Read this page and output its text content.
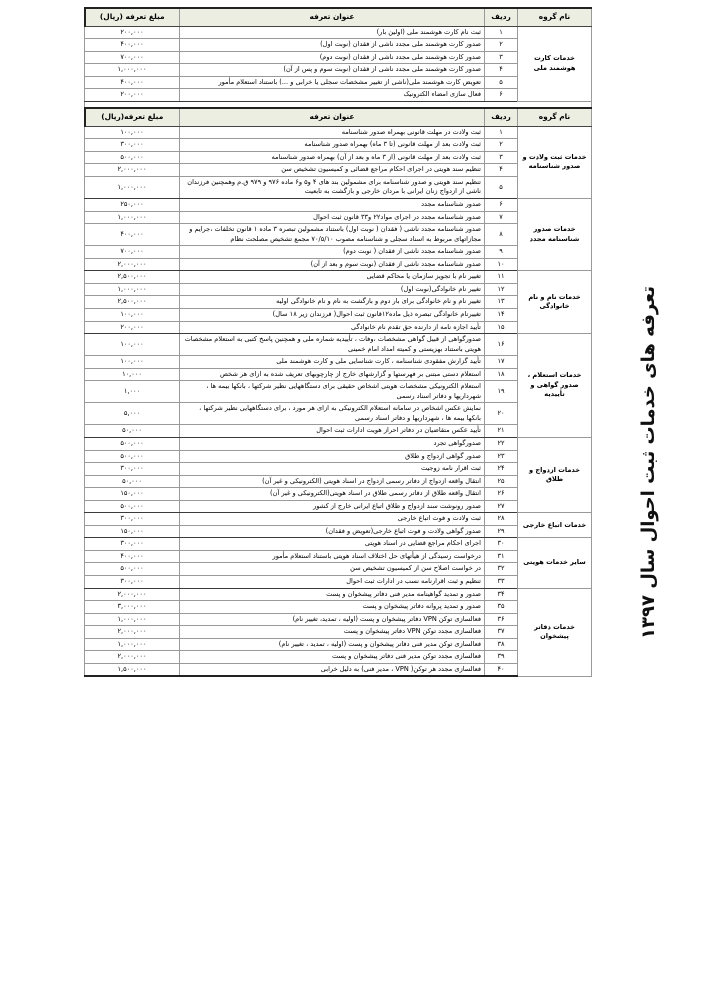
تعرفه های خدمات ثبت احوال سال ۱۳۹۷
نام گروه	ردیف	عنوان تعرفه	مبلغ تعرفه (ریال)
خدمات کارت هوشمند ملی	۱	ثبت نام کارت هوشمند ملی (اولین بار)	۲۰۰,۰۰۰
	۲	صدور کارت هوشمند ملی مجدد ناشی از فقدان (نوبت اول)	۴۰۰,۰۰۰
	۳	صدور کارت هوشمند ملی مجدد ناشی از فقدان (نوبت دوم)	۷۰۰,۰۰۰
	۴	صدور کارت هوشمند ملی مجدد ناشی از فقدان (نوبت سوم و پس از آن)	۱,۰۰۰,۰۰۰
	۵	تعویض کارت هوشمند ملی(ناشی از تغییر مشخصات سجلی یا خرابی و ...) باستناد استعلام مأمور	۴۰۰,۰۰۰
	۶	فعال سازی امضاء الکترونیک	۲۰۰,۰۰۰

نام گروه	ردیف	عنوان تعرفه	مبلغ تعرفه(ریال)
خدمات ثبت ولادت و صدور شناسنامه	۱	ثبت ولادت در مهلت قانونی بهمراه صدور شناسنامه	۱۰۰,۰۰۰
	۲	ثبت ولادت بعد از مهلت قانونی (تا ۳ ماه) بهمراه صدور شناسنامه	۳۰۰,۰۰۰
	۳	ثبت ولادت بعد از مهلت قانونی (از ۳ ماه و بعد از آن) بهمراه صدور شناسنامه	۵۰۰,۰۰۰
	۴	تنظیم سند هویتی در اجرای احکام مراجع قضائی و کمیسیون تشخیص سن	۲,۰۰۰,۰۰۰
	۵	تنظیم سند هویتی و صدور شناسنامه برای مشمولین بند های ۴ و۵ و۶ ماده ۹۷۶ و ۹۷۹ ق.م وهمچنین فرزندان ناشی از ازدواج زنان ایرانی با مردان خارجی و بازگشت به تابعیت	۱,۰۰۰,۰۰۰
خدمات صدور شناسنامه مجدد	۶	صدور شناسنامه مجدد	۲۵۰,۰۰۰
	۷	صدور شناسنامه مجدد در اجرای مواد۲۲ و۳۳ قانون ثبت احوال	۱,۰۰۰,۰۰۰
	۸	صدور شناسنامه مجدد ناشی ( فقدان ( نوبت اول) باستناد مشمولین تبصره ۳ ماده ۱ قانون تخلفات ،جرایم و مجازاتهای مربوط به اسناد سجلی و شناسنامه مصوب ۷۰/۵/۱۰ مجمع تشخیص مصلحت نظام	۴۰۰,۰۰۰
	۹	صدور شناسنامه مجدد ناشی از فقدان ( نوبت دوم)	۷۰۰,۰۰۰
	۱۰	صدور شناسنامه مجدد ناشی از فقدان (نوبت سوم و بعد از آن)	۲,۰۰۰,۰۰۰
خدمات نام و نام خانوادگی	۱۱	تغییر نام با تجویز سازمان یا محاکم قضایی	۲,۵۰۰,۰۰۰
	۱۲	تغییر نام خانوادگی(نوبت اول)	۱,۰۰۰,۰۰۰
	۱۳	تغییر نام و نام خانوادگی برای بار دوم و بازگشت به نام و نام خانوادگی اولیه	۲,۵۰۰,۰۰۰
	۱۴	تغییرنام خانوادگی تبصره ذیل ماده۱۲قانون ثبت احوال( فرزندان زیر ۱۸ سال)	۱۰۰,۰۰۰
	۱۵	تأیید اجازه نامه از دارنده حق تقدم نام خانوادگی	۲۰۰,۰۰۰
خدمات استعلام ، صدور گواهی و تأییدیه	۱۶	صدورگواهی از قبیل گواهی مشخصات ،وفات ، تأییدیه شماره ملی و همچنین پاسخ کتبی به استعلام مشخصات هویتی باستناد بهزیستی و کمیته امداد امام خمینی	۱۰۰,۰۰۰
	۱۷	تأیید گزارش مفقودی شناسنامه ، کارت شناسایی ملی و کارت هوشمند ملی	۱۰۰,۰۰۰
	۱۸	استعلام دستی مبتنی بر فهرستها و گزارشهای خارج از چارچوبهای تعریف شده به ازای هر شخص	۱۰,۰۰۰
	۱۹	استعلام الکترونیکی مشخصات هویتی اشخاص حقیقی برای دستگاههایی نظیر شرکتها ، بانکها بیمه ها ، شهرداریها و دفاتر اسناد رسمی	۱,۰۰۰
	۲۰	نمایش عکس اشخاص در سامانه استعلام الکترونیکی به ازای هر مورد ، برای دستگاههایی نظیر شرکتها ، بانکها بیمه ها ، شهرداریها و دفاتر اسناد رسمی	۵,۰۰۰
	۲۱	تأیید عکس متقاضیان در دفاتر احراز هویت ادارات ثبت احوال	۵۰,۰۰۰
خدمات ازدواج و طلاق	۲۲	صدورگواهی تجرد	۵۰۰,۰۰۰
	۲۳	صدور گواهی ازدواج و طلاق	۵۰۰,۰۰۰
	۲۴	ثبت اقرار نامه زوجیت	۳۰۰,۰۰۰
	۲۵	انتقال واقعه ازدواج از دفاتر رسمی ازدواج در اسناد هویتی (الکترونیکی و غیر آن)	۵۰,۰۰۰
	۲۶	انتقال واقعه طلاق از دفاتر رسمی طلاق در اسناد هویتی(الکترونیکی و غیر آن)	۱۵۰,۰۰۰
	۲۷	صدور رونوشت سند ازدواج و طلاق اتباع ایرانی خارج از کشور	۵۰۰,۰۰۰
خدمات اتباع خارجی	۲۸	ثبت ولادت و فوت اتباع خارجی	۳۰۰,۰۰۰
	۲۹	صدور گواهی ولادت و فوت اتباع خارجی(تعویض و فقدان)	۱۵۰,۰۰۰
سایر خدمات هویتی	۳۰	اجرای احکام مراجع قضایی در اسناد هویتی	۳۰۰,۰۰۰
	۳۱	درخواست رسیدگی از هیأتهای حل اختلاف اسناد هویتی باستناد استعلام مأمور	۴۰۰,۰۰۰
	۳۲	در خواست اصلاح سن از کمیسیون تشخیص سن	۵۰۰,۰۰۰
	۳۳	تنظیم و ثبت اقرارنامه نسب در ادارات ثبت احوال	۳۰۰,۰۰۰
خدمات دفاتر پیشخوان	۳۴	صدور و تمدید گواهینامه مدیر فنی دفاتر پیشخوان و پست	۲,۰۰۰,۰۰۰
	۳۵	صدور و تمدید پروانه دفاتر پیشخوان و پست	۳,۰۰۰,۰۰۰
	۳۶	فعالسازی توکن VPN دفاتر پیشخوان و پست (اولیه ، تمدید، تغییر نام)	۱,۰۰۰,۰۰۰
	۳۷	فعالسازی مجدد توکن VPN دفاتر پیشخوان و پست	۲,۰۰۰,۰۰۰
	۳۸	فعالسازی توکن مدیر فنی دفاتر پیشخوان و پست (اولیه ، تمدید ، تغییر نام)	۱,۰۰۰,۰۰۰
	۳۹	فعالسازی مجدد توکن مدیر فنی دفاتر پیشخوان و پست	۲,۰۰۰,۰۰۰
	۴۰	فعالسازی مجدد هر توکن( VPN ، مدیر فنی) به دلیل خرابی	۱,۵۰۰,۰۰۰
